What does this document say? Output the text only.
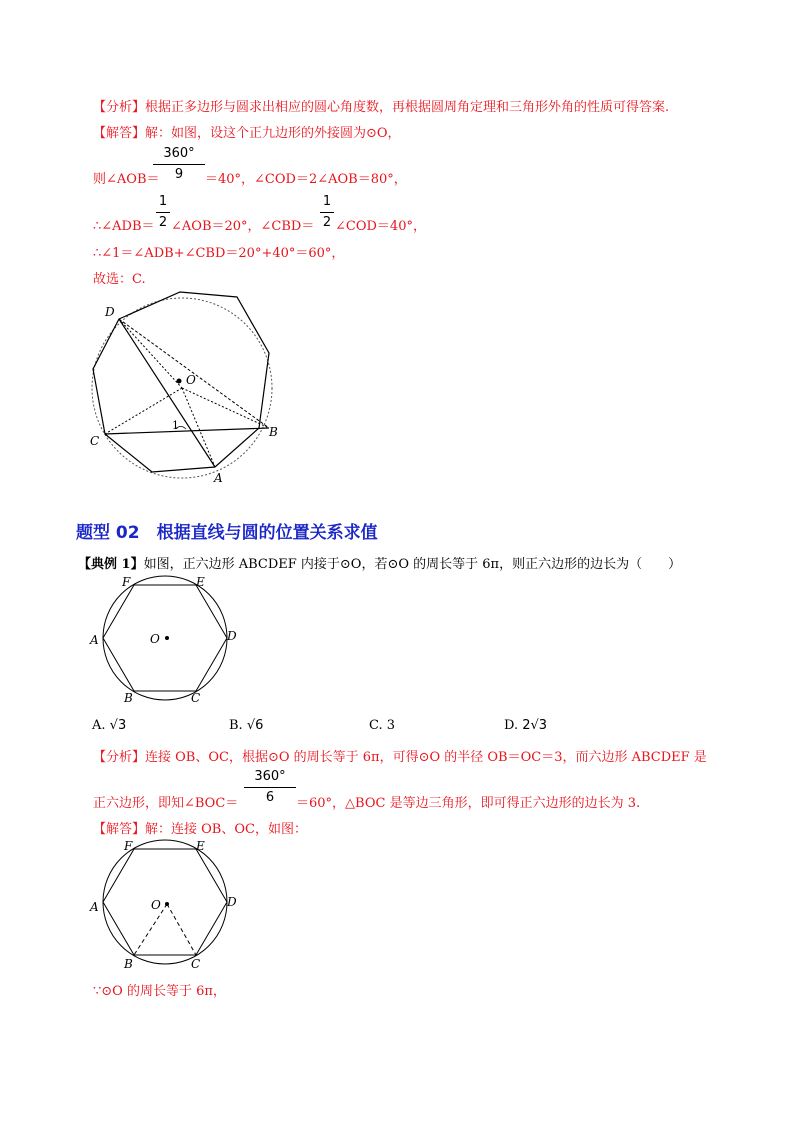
【分析】根据正多边形与圆求出相应的圆心角度数，再根据圆周角定理和三角形外角的性质可得答案.
【解答】解：如图，设这个正九边形的外接圆为⊙O，
则∠AOB＝
360°
9	＝40°，∠COD＝2∠AOB＝80°，
∴∠ADB＝
1
2 ∠AOB＝20°，∠CBD＝
1
2 ∠COD＝40°，
∴∠1＝∠ADB+∠CBD＝20°+40°＝60°，
故选：C.
D
O
C
B
A
1
题型 02　根据直线与圆的位置关系求值
【典例 1】如图，正六边形 ABCDEF 内接于⊙O，若⊙O 的周长等于 6π，则正六边形的边长为（　　）
O
A
B	C
D
E
F
A. √3	B. √6	C. 3	D. 2√3
【分析】连接 OB、OC，根据⊙O 的周长等于 6π，可得⊙O 的半径 OB＝OC＝3，而六边形 ABCDEF 是
正六边形，即知∠BOC＝
360°
6	＝60°，△BOC 是等边三角形，即可得正六边形的边长为 3.
【解答】解：连接 OB、OC，如图：
O
A
B	C
D
E
F
∵⊙O 的周长等于 6π，
